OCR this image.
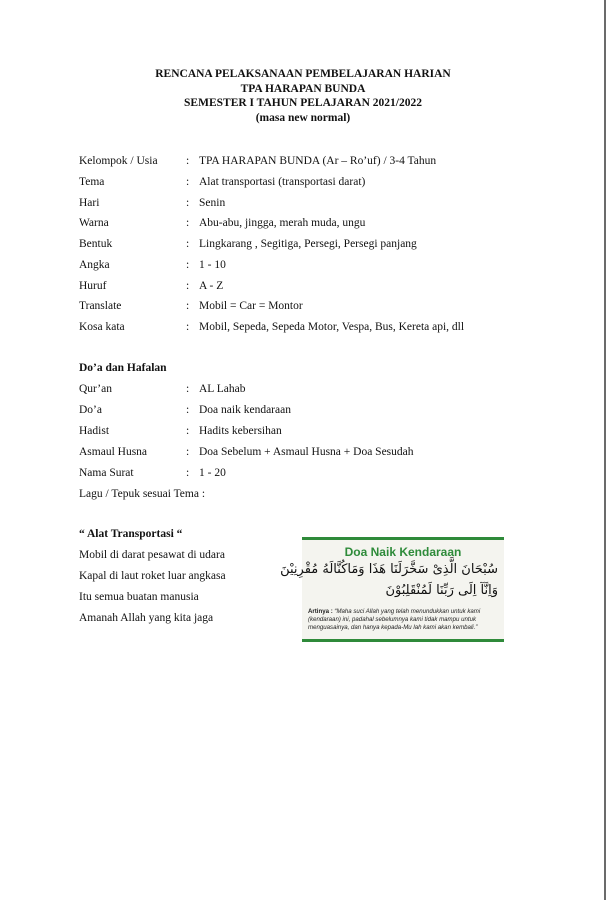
RENCANA PELAKSANAAN PEMBELAJARAN HARIAN
TPA HARAPAN BUNDA
SEMESTER I TAHUN PELAJARAN 2021/2022
(masa new normal)
Kelompok / Usia : TPA HARAPAN BUNDA (Ar – Ro’uf) / 3-4 Tahun
Tema	: Alat transportasi (transportasi darat)
Hari	: Senin
Warna	: Abu-abu, jingga, merah muda, ungu
Bentuk	: Lingkarang , Segitiga, Persegi, Persegi panjang
Angka	: 1 - 10
Huruf	: A - Z
Translate	: Mobil = Car = Montor
Kosa kata	: Mobil, Sepeda, Sepeda Motor, Vespa, Bus, Kereta api, dll
Do’a dan Hafalan
Qur’an	: AL Lahab
Do’a	: Doa naik kendaraan
Hadist	: Hadits kebersihan
Asmaul Husna	: Doa Sebelum + Asmaul Husna + Doa Sesudah
Nama Surat	: 1 - 20
Lagu / Tepuk sesuai Tema :
“ Alat Transportasi “
Mobil di darat pesawat di udara
Kapal di laut roket luar angkasa
Itu semua buatan manusia
Amanah Allah yang kita jaga
Doa Naik Kendaraan
سُبْحَانَ الَّذِىْ سَخَّرَلَنَا هَذَا وَمَاكُنَّالَهُ مُقْرِنِيْنَ
وَاِنَّآ اِلَى رَبِّنَا لَمُنْقَلِبُوْنَ
Artinya : “Maha suci Allah yang telah menundukkan untuk kami (kendaraan) ini, padahal sebelumnya kami tidak mampu untuk menguasainya, dan hanya kepada-Mu lah kami akan kembali.”
